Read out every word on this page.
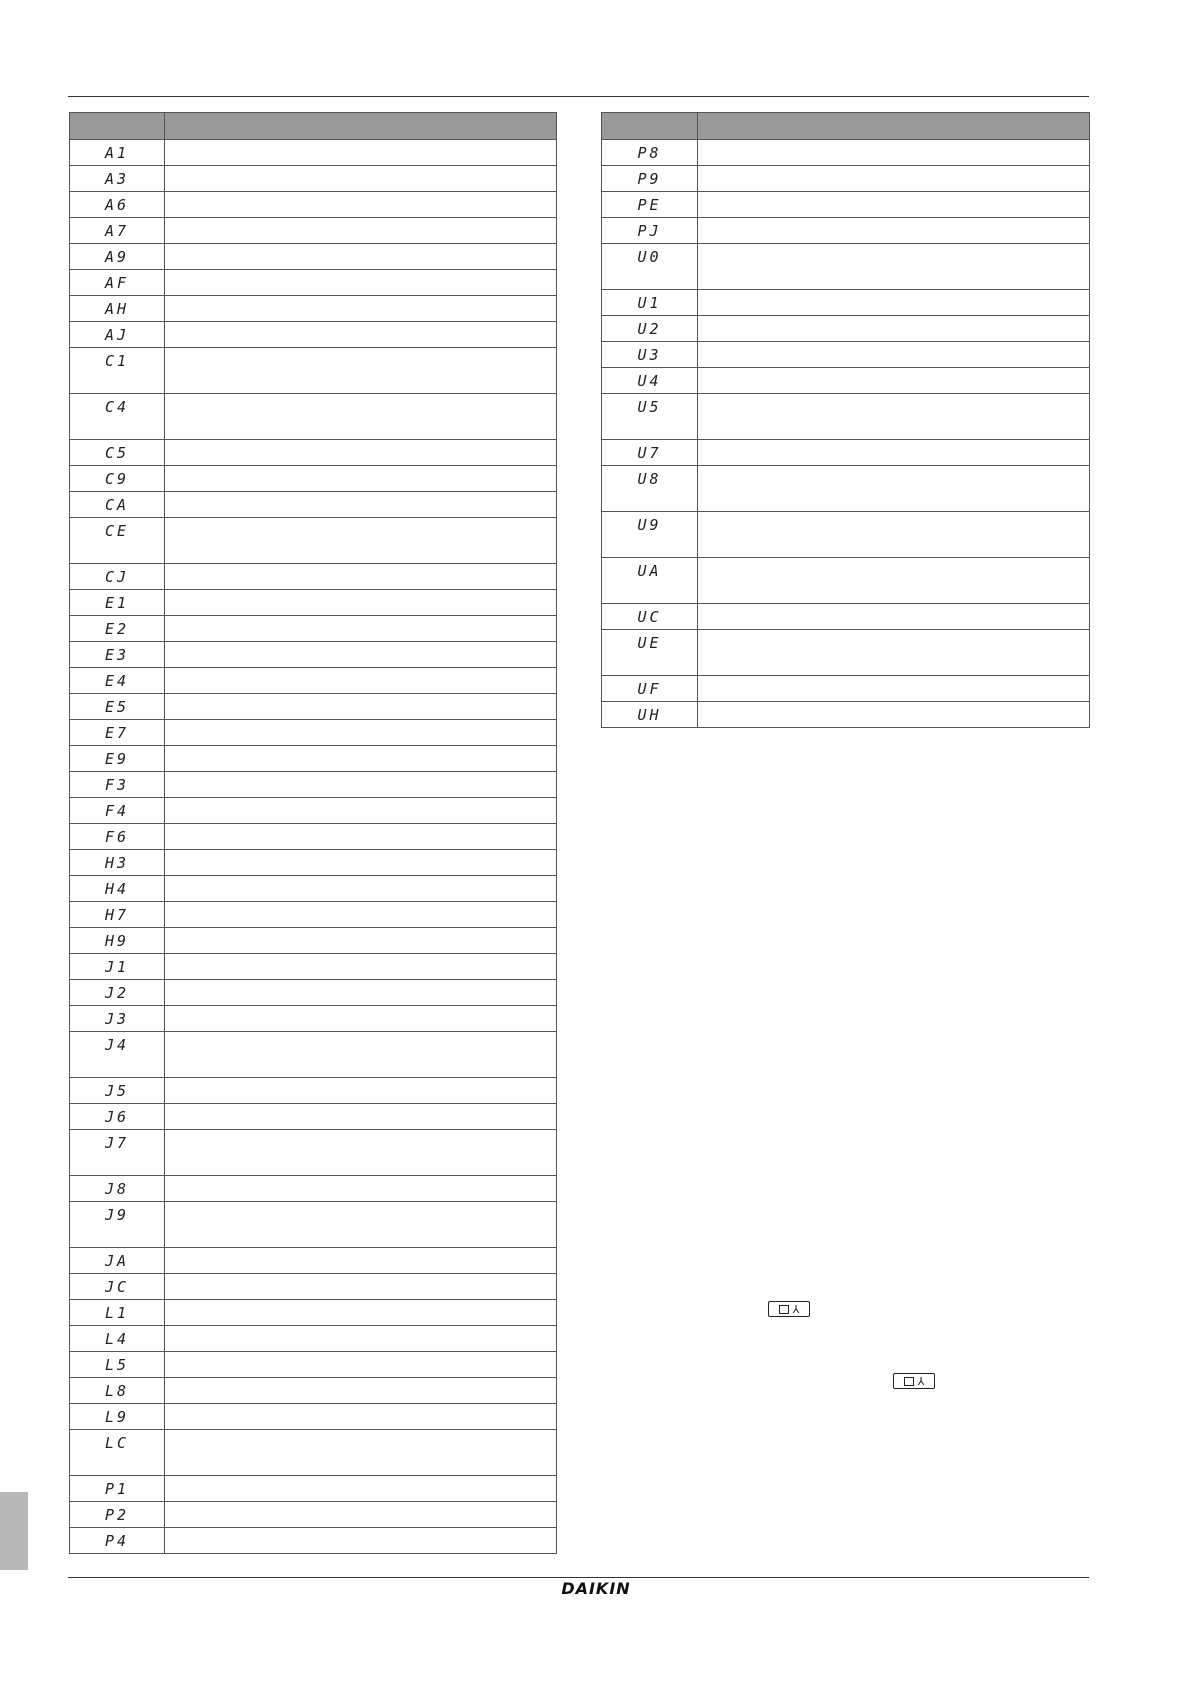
A1	
A3	
A6	
A7	
A9	
AF	
AH	
AJ	
C1	
C4	
C5	
C9	
CA	
CE	
CJ	
E1	
E2	
E3	
E4	
E5	
E7	
E9	
F3	
F4	
F6	
H3	
H4	
H7	
H9	
J1	
J2	
J3	
J4	
J5	
J6	
J7	
J8	
J9	
JA	
JC	
L1	
L4	
L5	
L8	
L9	
LC	
P1	
P2	
P4	

P8	
P9	
PE	
PJ	
U0	
U1	
U2	
U3	
U4	
U5	
U7	
U8	
U9	
UA	
UC	
UE	
UF	
UH	
⅄
⅄
DAIKIN
